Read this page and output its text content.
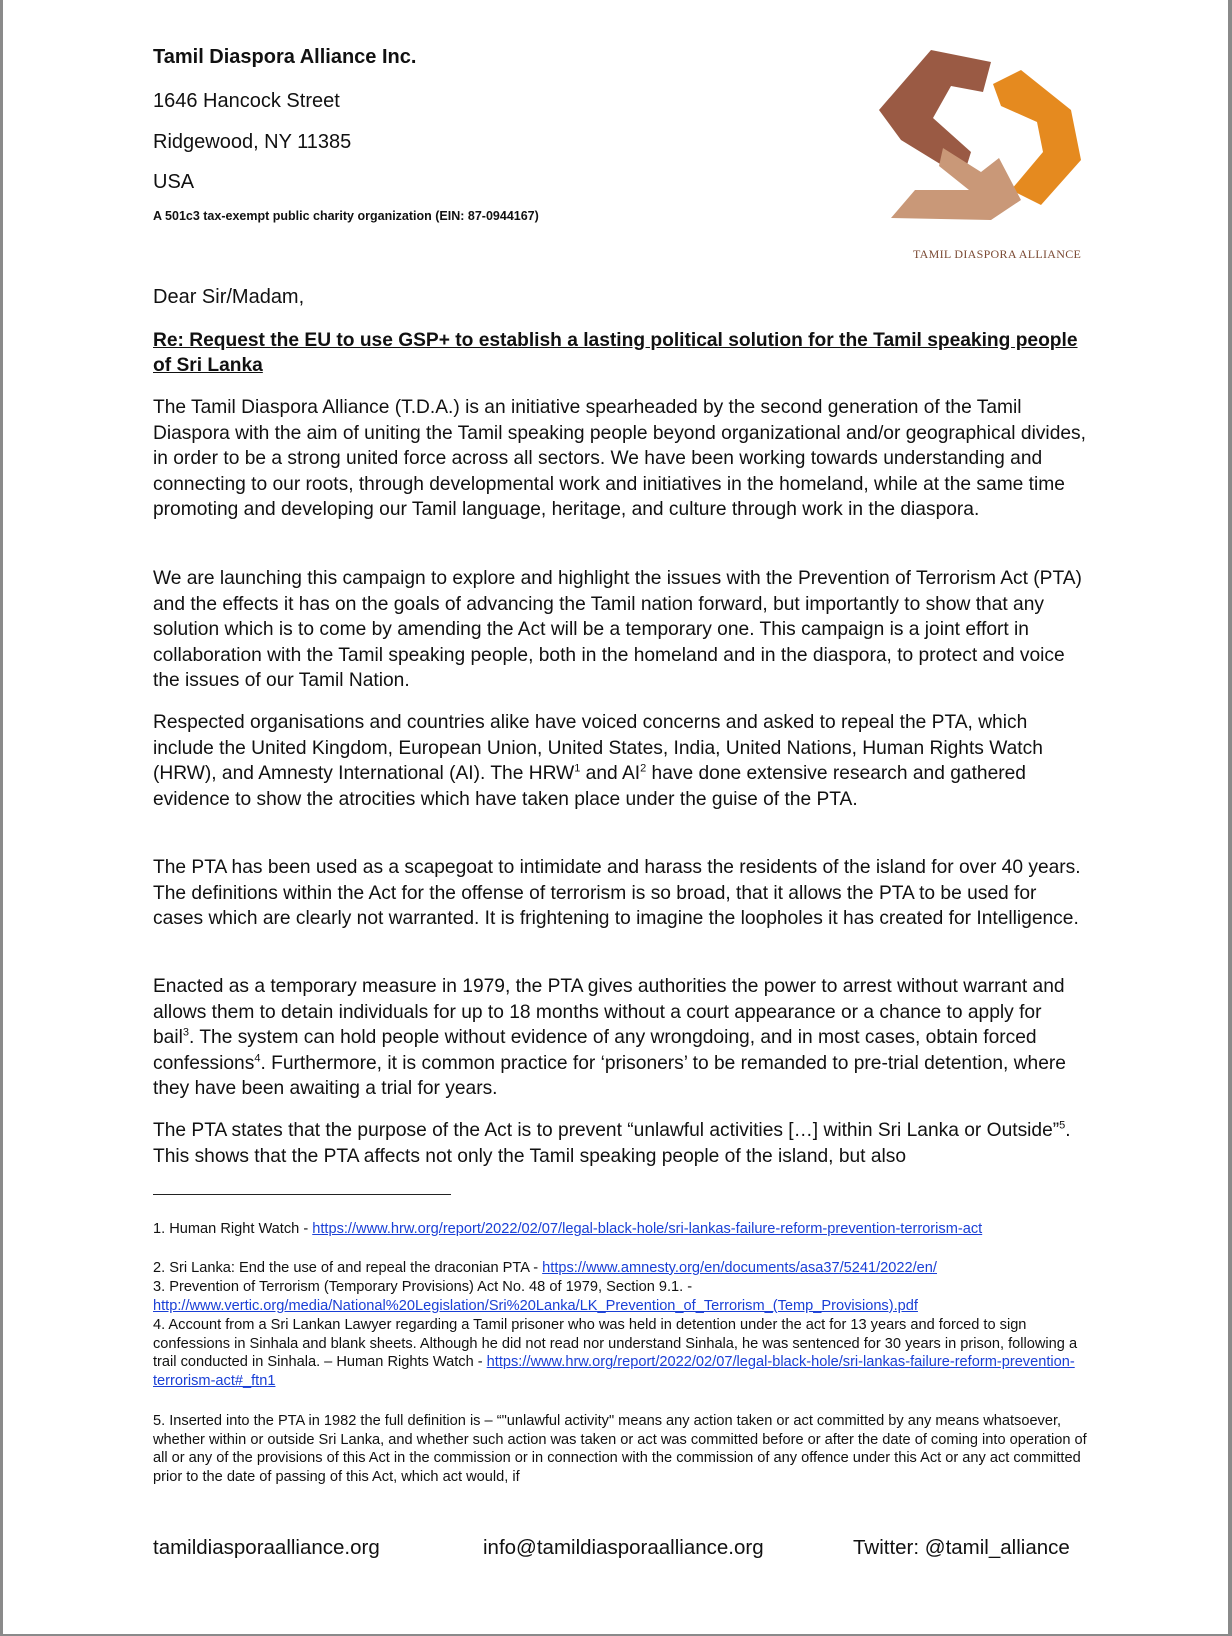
Tamil Diaspora Alliance Inc.
1646 Hancock Street
Ridgewood, NY 11385
USA
A 501c3 tax-exempt public charity organization (EIN: 87-0944167)
TAMIL DIASPORA ALLIANCE
Dear Sir/Madam,
Re: Request the EU to use GSP+ to establish a lasting political solution for the Tamil speaking people of Sri Lanka
The Tamil Diaspora Alliance (T.D.A.) is an initiative spearheaded by the second generation of the Tamil Diaspora with the aim of uniting the Tamil speaking people beyond organizational and/or geographical divides, in order to be a strong united force across all sectors. We have been working towards understanding and connecting to our roots, through developmental work and initiatives in the homeland, while at the same time promoting and developing our Tamil language, heritage, and culture through work in the diaspora.
We are launching this campaign to explore and highlight the issues with the Prevention of Terrorism Act (PTA) and the effects it has on the goals of advancing the Tamil nation forward, but importantly to show that any solution which is to come by amending the Act will be a temporary one. This campaign is a joint effort in collaboration with the Tamil speaking people, both in the homeland and in the diaspora, to protect and voice the issues of our Tamil Nation.
Respected organisations and countries alike have voiced concerns and asked to repeal the PTA, which include the United Kingdom, European Union, United States, India, United Nations, Human Rights Watch (HRW), and Amnesty International (AI). The HRW$^1$ and $AI^2$ have done extensive research and gathered evidence to show the atrocities which have taken place under the guise of the PTA.
The PTA has been used as a scapegoat to intimidate and harass the residents of the island for over 40 years. The definitions within the Act for the offense of terrorism is so broad, that it allows the PTA to be used for cases which are clearly not warranted. It is frightening to imagine the loopholes it has created for Intelligence.
Enacted as a temporary measure in 1979, the PTA gives authorities the power to arrest without warrant and allows them to detain individuals for up to 18 months without a court appearance or a chance to apply for bail$^3$. The system can hold people without evidence of any wrongdoing, and in most cases, obtain forced confessions$^4$. Furthermore, it is common practice for ‘prisoners’ to be remanded to pre-trial detention, where they have been awaiting a trial for years.
The PTA states that the purpose of the Act is to prevent “unlawful activities […] within Sri Lanka or Outside”$^5$. This shows that the PTA affects not only the Tamil speaking people of the island, but also
1. Human Right Watch - https://www.hrw.org/report/2022/02/07/legal-black-hole/sri-lankas-failure-reform-prevention-terrorism-act
2. Sri Lanka: End the use of and repeal the draconian PTA - https://www.amnesty.org/en/documents/asa37/5241/2022/en/
3. Prevention of Terrorism (Temporary Provisions) Act No. 48 of 1979, Section 9.1. - http://www.vertic.org/media/National%20Legislation/Sri%20Lanka/LK_Prevention_of_Terrorism_(Temp_Provisions).pdf
4. Account from a Sri Lankan Lawyer regarding a Tamil prisoner who was held in detention under the act for 13 years and forced to sign confessions in Sinhala and blank sheets. Although he did not read nor understand Sinhala, he was sentenced for 30 years in prison, following a trail conducted in Sinhala. – Human Rights Watch - https://www.hrw.org/report/2022/02/07/legal-black-hole/sri-lankas-failure-reform-prevention-terrorism-act#_ftn1
5. Inserted into the PTA in 1982 the full definition is – “"unlawful activity" means any action taken or act committed by any means whatsoever, whether within or outside Sri Lanka, and whether such action was taken or act was committed before or after the date of coming into operation of all or any of the provisions of this Act in the commission or in connection with the commission of any offence under this Act or any act committed prior to the date of passing of this Act, which act would, if
tamildiasporaalliance.org	info@tamildiasporaalliance.org	Twitter: @tamil_alliance
